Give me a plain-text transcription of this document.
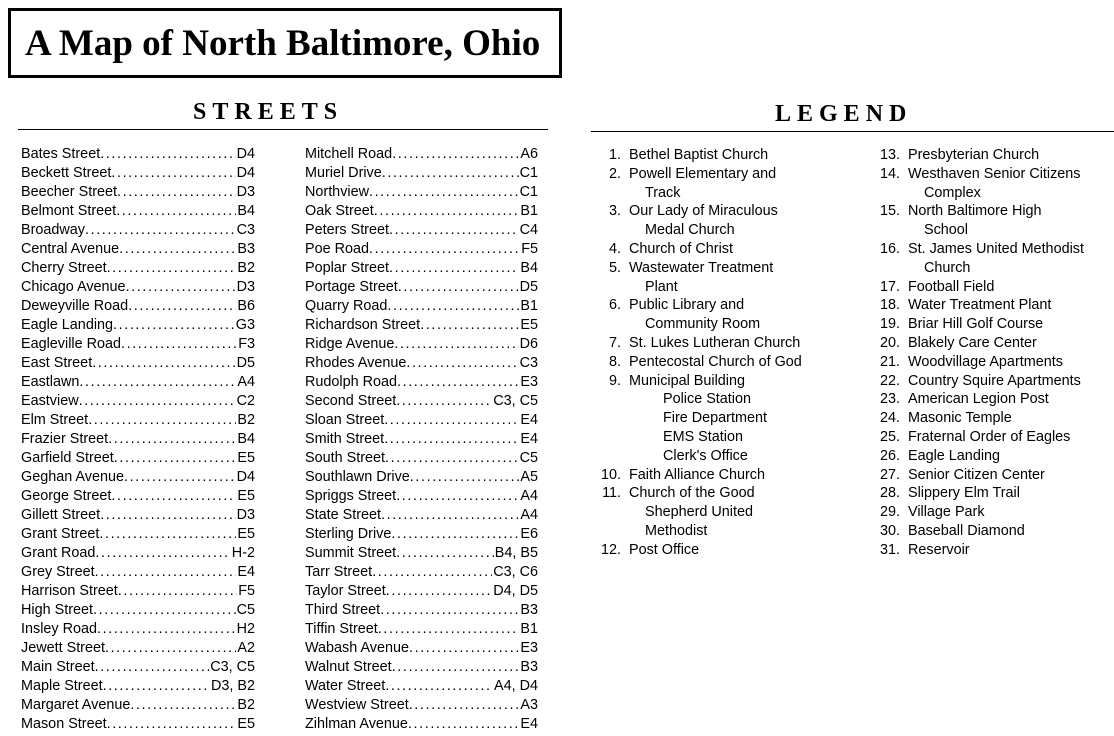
A Map of North Baltimore, Ohio
STREETS	LEGEND
Bates Street .....	D4
Beckett Street .....	D4
Beecher Street .....	D3
Belmont Street .....	B4
Broadway .....	C3
Central Avenue .....	B3
Cherry Street .....	B2
Chicago Avenue .....	D3
Deweyville Road .....	B6
Eagle Landing .....	G3
Eagleville Road .....	F3
East Street .....	D5
Eastlawn .....	A4
Eastview .....	C2
Elm Street .....	B2
Frazier Street .....	B4
Garfield Street .....	E5
Geghan Avenue .....	D4
George Street .....	E5
Gillett Street .....	D3
Grant Street .....	E5
Grant Road .....	H-2
Grey Street .....	E4
Harrison Street .....	F5
High Street .....	C5
Insley Road .....	H2
Jewett Street .....	A2
Main Street .....	C3, C5
Maple Street .....	D3, B2
Margaret Avenue .....	B2
Mason Street .....	E5
Mitchell Road .....	A6
Muriel Drive .....	C1
Northview .....	C1
Oak Street .....	B1
Peters Street .....	C4
Poe Road .....	F5
Poplar Street .....	B4
Portage Street .....	D5
Quarry Road .....	B1
Richardson Street .....	E5
Ridge Avenue .....	D6
Rhodes Avenue .....	C3
Rudolph Road .....	E3
Second Street .....	C3, C5
Sloan Street .....	E4
Smith Street .....	E4
South Street .....	C5
Southlawn Drive .....	A5
Spriggs Street .....	A4
State Street .....	A4
Sterling Drive .....	E6
Summit Street .....	B4, B5
Tarr Street .....	C3, C6
Taylor Street .....	D4, D5
Third Street .....	B3
Tiffin Street .....	B1
Wabash Avenue .....	E3
Walnut Street .....	B3
Water Street .....	A4, D4
Westview Street .....	A3
Zihlman Avenue .....	E4
1. Bethel Baptist Church
2. Powell Elementary and
Track
3. Our Lady of Miraculous
Medal Church
4. Church of Christ
5. Wastewater Treatment
Plant
6. Public Library and
Community Room
7. St. Lukes Lutheran Church
8. Pentecostal Church of God
9. Municipal Building
Police Station
Fire Department
EMS Station
Clerk's Office
10. Faith Alliance Church
11. Church of the Good
Shepherd United
Methodist
12. Post Office
13. Presbyterian Church
14. Westhaven Senior Citizens
Complex
15. North Baltimore High
School
16. St. James United Methodist
Church
17. Football Field
18. Water Treatment Plant
19. Briar Hill Golf Course
20. Blakely Care Center
21. Woodvillage Apartments
22. Country Squire Apartments
23. American Legion Post
24. Masonic Temple
25. Fraternal Order of Eagles
26. Eagle Landing
27. Senior Citizen Center
28. Slippery Elm Trail
29. Village Park
30. Baseball Diamond
31. Reservoir
